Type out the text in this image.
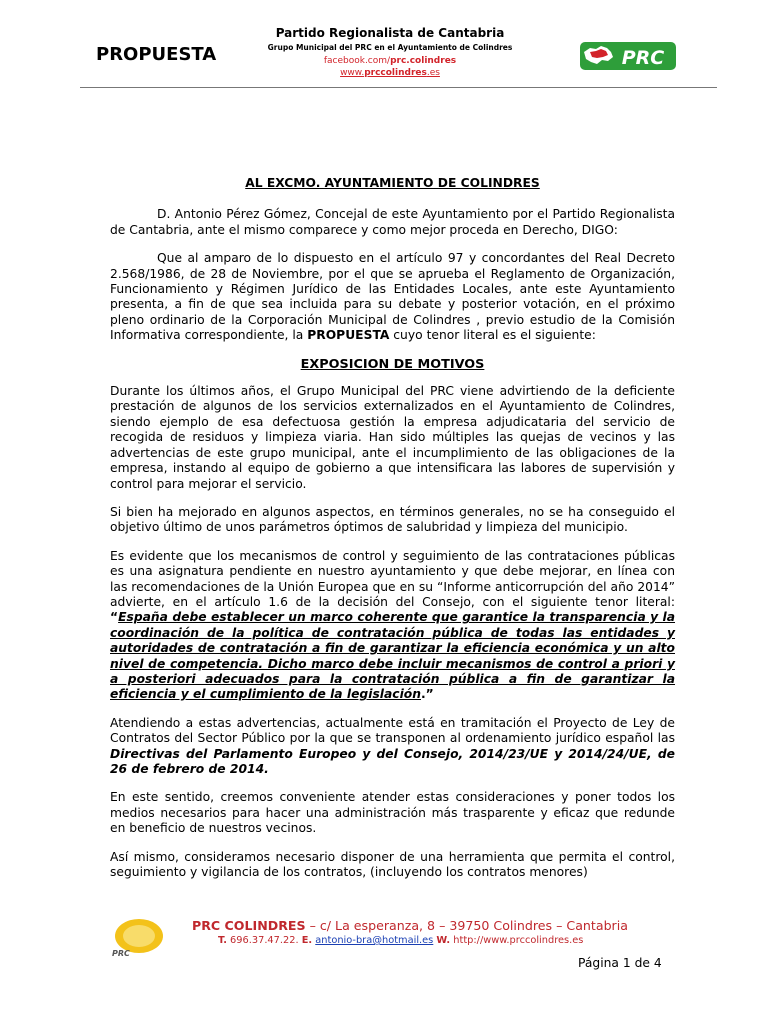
PROPUESTA
Partido Regionalista de Cantabria
Grupo Municipal del PRC en el Ayuntamiento de Colindres
facebook.com/prc.colindres
www.prccolindres.es
PRC

AL EXCMO. AYUNTAMIENTO DE COLINDRES

D. Antonio Pérez Gómez, Concejal de este Ayuntamiento por el Partido Regionalista de Cantabria, ante el mismo comparece y como mejor proceda en Derecho, DIGO:

Que al amparo de lo dispuesto en el artículo 97 y concordantes del Real Decreto 2.568/1986, de 28 de Noviembre, por el que se aprueba el Reglamento de Organización, Funcionamiento y Régimen Jurídico de las Entidades Locales, ante este Ayuntamiento presenta, a fin de que sea incluida para su debate y posterior votación, en el próximo pleno ordinario de la Corporación Municipal de Colindres , previo estudio de la Comisión Informativa correspondiente, la PROPUESTA cuyo tenor literal es el siguiente:

EXPOSICION DE MOTIVOS

Durante los últimos años, el Grupo Municipal del PRC viene advirtiendo de la deficiente prestación de algunos de los servicios externalizados en el Ayuntamiento de Colindres, siendo ejemplo de esa defectuosa gestión la empresa adjudicataria del servicio de recogida de residuos y limpieza viaria. Han sido múltiples las quejas de vecinos y las advertencias de este grupo municipal, ante el incumplimiento de las obligaciones de la empresa, instando al equipo de gobierno a que intensificara las labores de supervisión y control para mejorar el servicio.

Si bien ha mejorado en algunos aspectos, en términos generales, no se ha conseguido el objetivo último de unos parámetros óptimos de salubridad y limpieza del municipio.

Es evidente que los mecanismos de control y seguimiento de las contrataciones públicas es una asignatura pendiente en nuestro ayuntamiento y que debe mejorar, en línea con las recomendaciones de la Unión Europea que en su “Informe anticorrupción del año 2014” advierte, en el artículo 1.6 de la decisión del Consejo, con el siguiente tenor literal: “España debe establecer un marco coherente que garantice la transparencia y la coordinación de la política de contratación pública de todas las entidades y autoridades de contratación a fin de garantizar la eficiencia económica y un alto nivel de competencia. Dicho marco debe incluir mecanismos de control a priori y a posteriori adecuados para la contratación pública a fin de garantizar la eficiencia y el cumplimiento de la legislación.”

Atendiendo a estas advertencias, actualmente está en tramitación el Proyecto de Ley de Contratos del Sector Público por la que se transponen al ordenamiento jurídico español las Directivas del Parlamento Europeo y del Consejo, 2014/23/UE y 2014/24/UE, de 26 de febrero de 2014.

En este sentido, creemos conveniente atender estas consideraciones y poner todos los medios necesarios para hacer una administración más trasparente y eficaz que redunde en beneficio de nuestros vecinos.

Así mismo, consideramos necesario disponer de una herramienta que permita el control, seguimiento y vigilancia de los contratos, (incluyendo los contratos menores)

PRC
PRC COLINDRES – c/ La esperanza, 8 – 39750 Colindres – Cantabria
T. 696.37.47.22. E. antonio-bra@hotmail.es W. http://www.prccolindres.es
Página 1 de 4
